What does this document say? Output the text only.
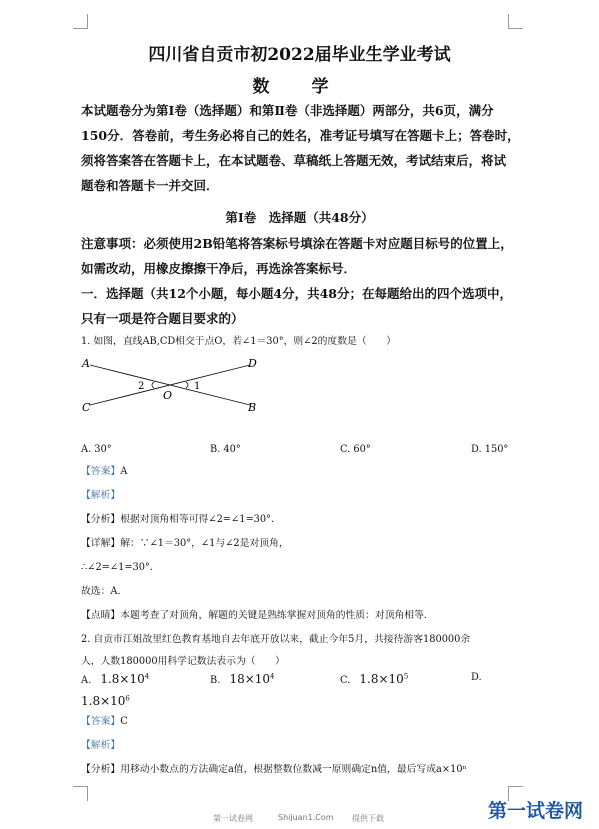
四川省自贡市初2022届毕业生学业考试
数 学
本试题卷分为第Ⅰ卷（选择题）和第Ⅱ卷（非选择题）两部分，共6页，满分
150分．答卷前，考生务必将自己的姓名，准考证号填写在答题卡上；答卷时，
须将答案答在答题卡上，在本试题卷、草稿纸上答题无效，考试结束后，将试
题卷和答题卡一并交回．
第Ⅰ卷　选择题（共48分）
注意事项：必须使用2B铅笔将答案标号填涂在答题卡对应题目标号的位置上，
如需改动，用橡皮擦擦干净后，再选涂答案标号．
一．选择题（共12个小题，每小题4分，共48分；在每题给出的四个选项中，
只有一项是符合题目要求的）
1. 如图，直线AB,CD相交于点O，若∠1＝30°，则∠2的度数是（　　）
A	D
C	B
O
2	1
A. 30°	B. 40°	C. 60°	D. 150°
【答案】A
【解析】
【分析】根据对顶角相等可得∠2=∠1=30°．
【详解】解：∵∠1＝30°，∠1与∠2是对顶角，
∴∠2=∠1=30°．
故选：A．
【点睛】本题考查了对顶角，解题的关键是熟练掌握对顶角的性质：对顶角相等．
2. 自贡市江姐故里红色教育基地自去年底开放以来，截止今年5月，共接待游客180000余
人，人数180000用科学记数法表示为（　　）
A. $1.8\times 10^4$	B. $18\times 10^4$	C. $1.8\times 10^5$	D.
$1.8\times 10^6$
【答案】C
【解析】
【分析】用移动小数点的方法确定a值，根据整数位数减一原则确定n值，最后写成a×10ⁿ
第一试卷网	Shijuan1.Com 提供下载	第一试卷网
